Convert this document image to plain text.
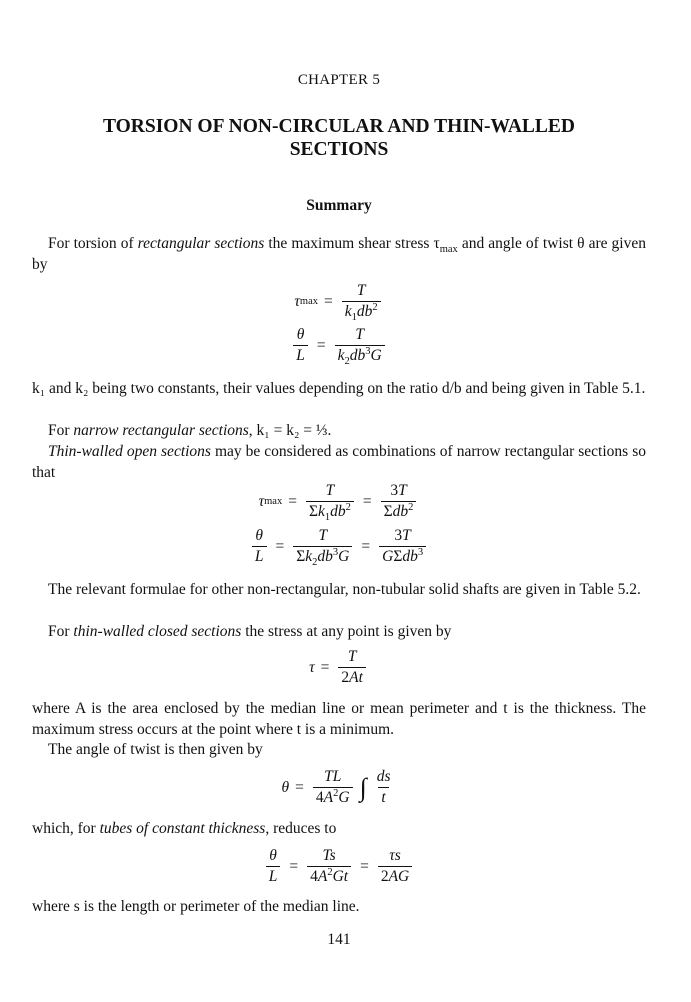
CHAPTER 5
TORSION OF NON-CIRCULAR AND THIN-WALLED
SECTIONS
Summary
For torsion of rectangular sections the maximum shear stress $\tau_{max}$ and angle of twist θ are given by
τ $\max = \frac{T}{k_1db^2}$
$\frac{\theta}{L} = \frac{T}{k_2db^3G}$
k₁ and k₂ being two constants, their values depending on the ratio d/b and being given in Table 5.1.
For narrow rectangular sections, k₁ = k₂ = ⅓.
Thin-walled open sections may be considered as combinations of narrow rectangular sections so that
τ $\max = \frac{T}{\Sigma k_1db^2} = \frac{3T}{\Sigma db^2}$
$\frac{\theta}{L} = \frac{T}{\Sigma k_2db^3G} = \frac{3T}{G\Sigma db^3}$
The relevant formulae for other non-rectangular, non-tubular solid shafts are given in Table 5.2.
For thin-walled closed sections the stress at any point is given by
$\tau = \frac{T}{2At}$
where A is the area enclosed by the median line or mean perimeter and t is the thickness. The maximum stress occurs at the point where t is a minimum.
The angle of twist is then given by
$\theta = \frac{TL}{4A^2G}$ ∫ $\frac{ds}{t}$
which, for tubes of constant thickness, reduces to
$\frac{\theta}{L} = \frac{Ts}{4A^2Gt} = \frac{\tau s}{2AG}$
where s is the length or perimeter of the median line.
141
